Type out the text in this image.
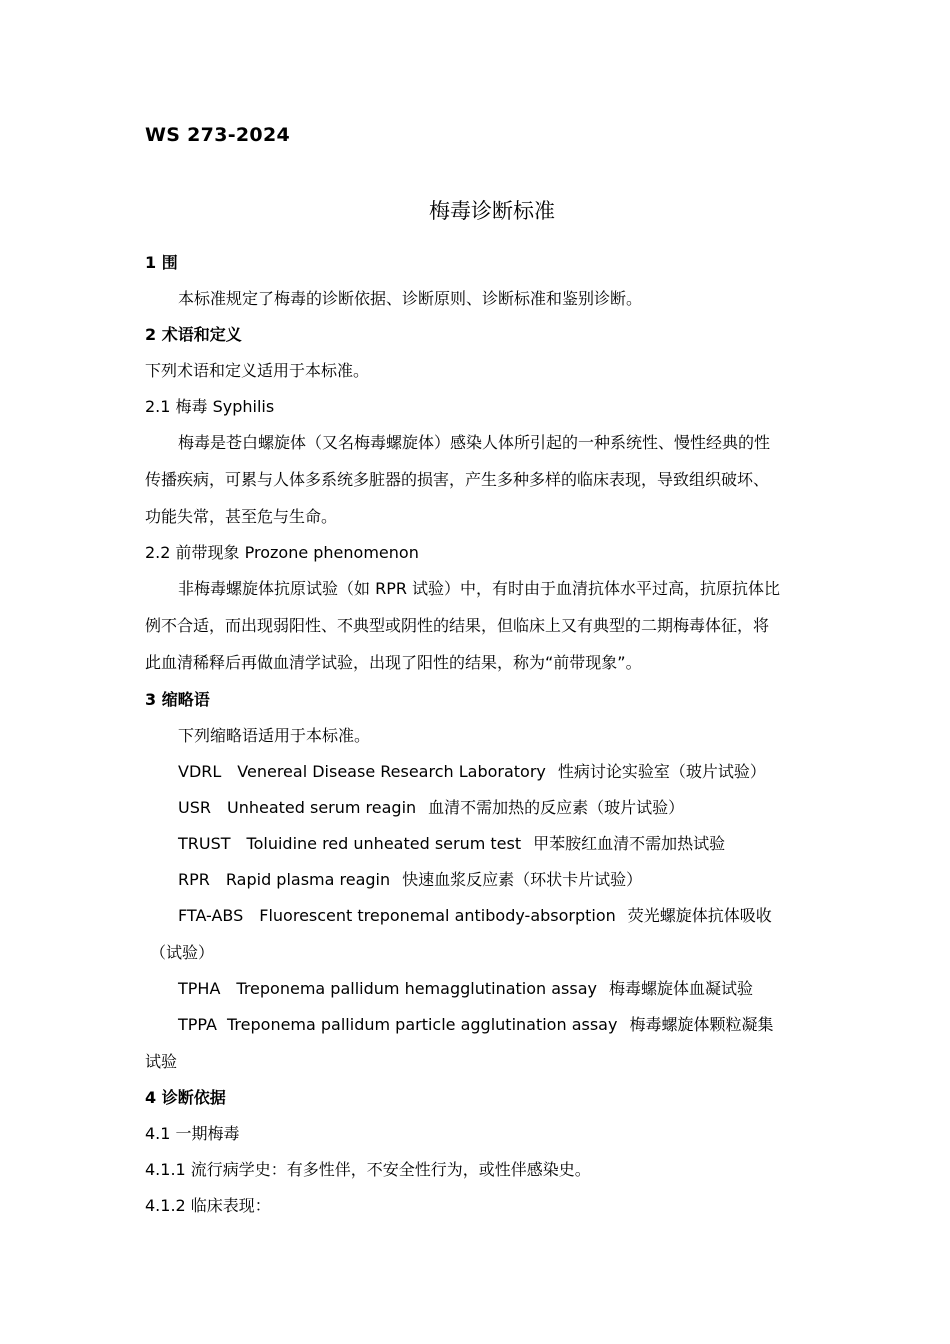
WS 273-2024
梅毒诊断标准
1 围
本标准规定了梅毒的诊断依据、诊断原则、诊断标准和鉴别诊断。
2 术语和定义
下列术语和定义适用于本标准。
2.1 梅毒 Syphilis
梅毒是苍白螺旋体（又名梅毒螺旋体）感染人体所引起的一种系统性、慢性经典的性
传播疾病，可累与人体多系统多脏器的损害，产生多种多样的临床表现，导致组织破坏、
功能失常，甚至危与生命。
2.2 前带现象 Prozone phenomenon
非梅毒螺旋体抗原试验（如 RPR 试验）中，有时由于血清抗体水平过高，抗原抗体比
例不合适，而出现弱阳性、不典型或阴性的结果，但临床上又有典型的二期梅毒体征，将
此血清稀释后再做血清学试验，出现了阳性的结果，称为“前带现象”。
3 缩略语
下列缩略语适用于本标准。
VDRL Venereal Disease Research Laboratory 性病讨论实验室（玻片试验）
USR Unheated serum reagin 血清不需加热的反应素（玻片试验）
TRUST Toluidine red unheated serum test 甲苯胺红血清不需加热试验
RPR Rapid plasma reagin 快速血浆反应素（环状卡片试验）
FTA-ABS Fluorescent treponemal antibody-absorption 荧光螺旋体抗体吸收
（试验）
TPHA Treponema pallidum hemagglutination assay 梅毒螺旋体血凝试验
TPPA Treponema pallidum particle agglutination assay 梅毒螺旋体颗粒凝集
试验
4 诊断依据
4.1 一期梅毒
4.1.1 流行病学史：有多性伴，不安全性行为，或性伴感染史。
4.1.2 临床表现：
